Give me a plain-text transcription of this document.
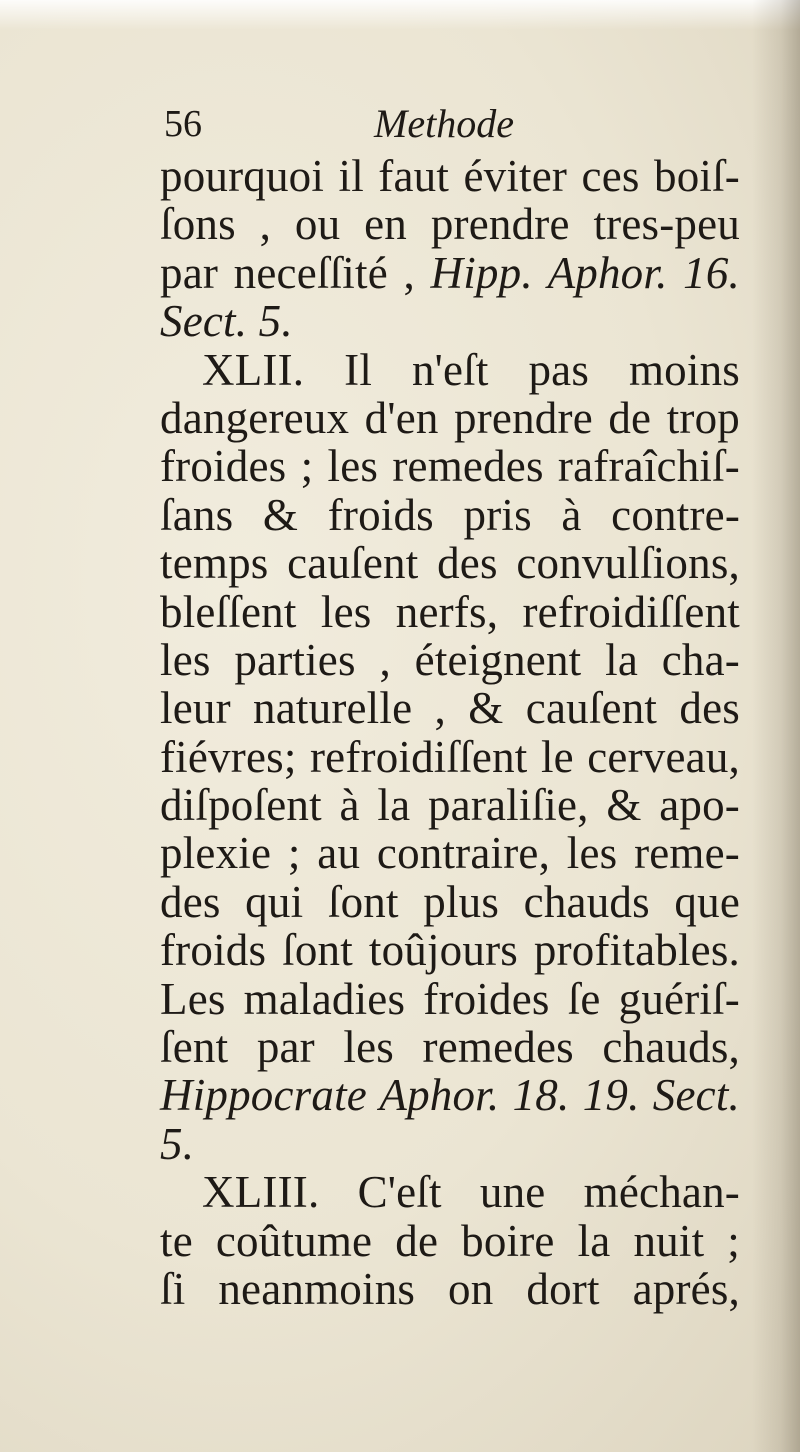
56	Methode
pourquoi il faut éviter ces boiſ-
ſons , ou en prendre tres-peu
par neceſſité , Hipp. Aphor. 16.
Sect. 5.
XLII. Il n'eſt pas moins
dangereux d'en prendre de trop
froides ; les remedes rafraîchiſ-
ſans & froids pris à contre-
temps cauſent des convulſions,
bleſſent les nerfs, refroidiſſent
les parties , éteignent la cha-
leur naturelle , & cauſent des
fiévres; refroidiſſent le cerveau,
diſpoſent à la paraliſie, & apo-
plexie ; au contraire, les reme-
des qui ſont plus chauds que
froids ſont toûjours profitables.
Les maladies froides ſe guériſ-
ſent par les remedes chauds,
Hippocrate Aphor. 18. 19. Sect.
5.
XLIII. C'eſt une méchan-
te coûtume de boire la nuit ;
ſi neanmoins on dort aprés,
